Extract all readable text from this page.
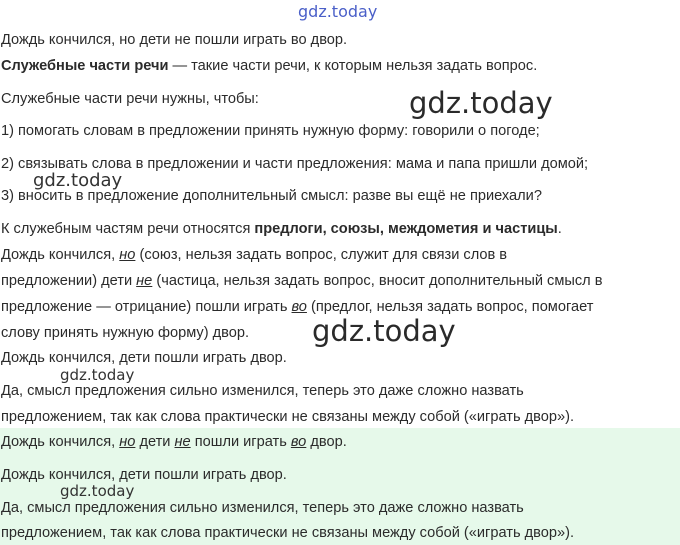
gdz.today
Дождь кончился, но дети не пошли играть во двор.
Служебные части речи — такие части речи, к которым нельзя задать вопрос.
Служебные части речи нужны, чтобы:	gdz.today
1) помогать словам в предложении принять нужную форму: говорили о погоде;
2) связывать слова в предложении и части предложения: мама и папа пришли домой;
gdz.today
3) вносить в предложение дополнительный смысл: разве вы ещё не приехали?
К служебным частям речи относятся предлоги, союзы, междометия и частицы.
Дождь кончился, но (союз, нельзя задать вопрос, служит для связи слов в
предложении) дети не (частица, нельзя задать вопрос, вносит дополнительный смысл в
предложение — отрицание) пошли играть во (предлог, нельзя задать вопрос, помогает
слову принять нужную форму) двор. gdz.today
Дождь кончился, дети пошли играть двор.
gdz.today
Да, смысл предложения сильно изменился, теперь это даже сложно назвать
предложением, так как слова практически не связаны между собой («играть двор»).
Дождь кончился, но дети не пошли играть во двор.
Дождь кончился, дети пошли играть двор.
gdz.today
Да, смысл предложения сильно изменился, теперь это даже сложно назвать
предложением, так как слова практически не связаны между собой («играть двор»).
